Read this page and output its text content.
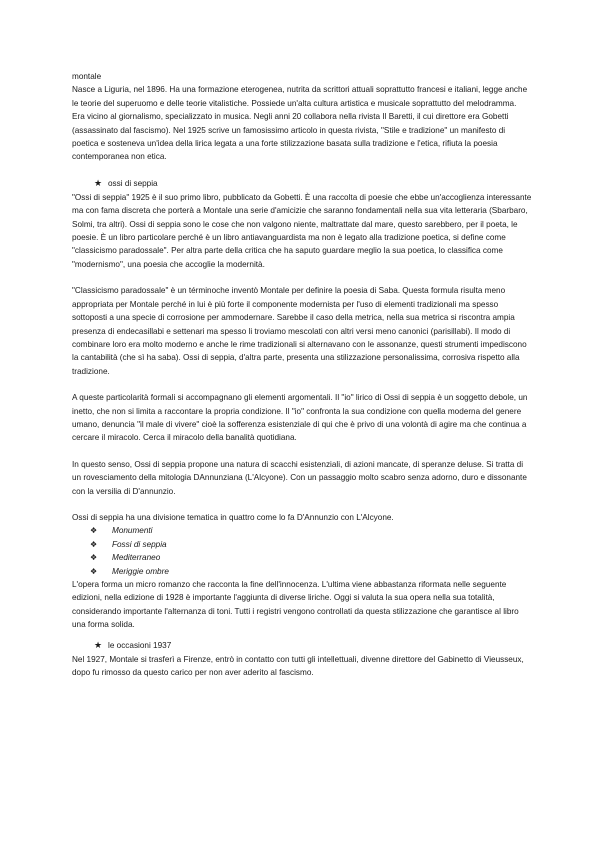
montale

Nasce a Liguria, nel 1896. Ha una formazione eterogenea, nutrita da scrittori attuali soprattutto francesi e italiani, legge anche le teorie del superuomo e delle teorie vitalistiche. Possiede un'alta cultura artistica e musicale soprattutto del melodramma.

Era vicino al giornalismo, specializzato in musica. Negli anni 20 collabora nella rivista Il Baretti, il cui direttore era Gobetti (assassinato dal fascismo). Nel 1925 scrive un famosissimo articolo in questa rivista, "Stile e tradizione" un manifesto di poetica e sosteneva un'idea della lirica legata a una forte stilizzazione basata sulla tradizione e l'etica, rifiuta la poesia contemporanea non etica.

★ ossi di seppia

"Ossi di seppia" 1925 è il suo primo libro, pubblicato da Gobetti. È una raccolta di poesie che ebbe un'accoglienza interessante ma con fama discreta che porterà a Montale una serie d'amicizie che saranno fondamentali nella sua vita letteraria (Sbarbaro, Solmi, tra altri). Ossi di seppia sono le cose che non valgono niente, maltrattate dal mare, questo sarebbero, per il poeta, le poesie. È un libro particolare perché è un libro antiavanguardista ma non è legato alla tradizione poetica, si define come "classicismo paradossale". Per altra parte della critica che ha saputo guardare meglio la sua poetica, lo classifica come "modernismo", una poesia che accoglie la modernità.

"Classicismo paradossale" è un términoche inventò Montale per definire la poesia di Saba. Questa formula risulta meno appropriata per Montale perché in lui è più forte il componente modernista per l'uso di elementi tradizionali ma spesso sottoposti a una specie di corrosione per ammodernare. Sarebbe il caso della metrica, nella sua metrica si riscontra ampia presenza di endecasillabi e settenari ma spesso li troviamo mescolati con altri versi meno canonici (parisillabi). Il modo di combinare loro era molto moderno e anche le rime tradizionali si alternavano con le assonanze, questi strumenti impediscono la cantabilità (che sì ha saba). Ossi di seppia, d'altra parte, presenta una stilizzazione personalissima, corrosiva rispetto alla tradizione.

A queste particolarità formali si accompagnano gli elementi argomentali. Il "io" lirico di Ossi di seppia è un soggetto debole, un inetto, che non si limita a raccontare la propria condizione. Il "io" confronta la sua condizione con quella moderna del genere umano, denuncia "il male di vivere" cioè la sofferenza esistenziale di qui che è privo di una volontà di agire ma che continua a cercare il miracolo. Cerca il miracolo della banalità quotidiana.

In questo senso, Ossi di seppia propone una natura di scacchi esistenziali, di azioni mancate, di speranze deluse. Si tratta di un rovesciamento della mitologia DAnnunziana (L'Alcyone). Con un passaggio molto scabro senza adorno, duro e dissonante con la versilia di D'annunzio.

Ossi di seppia ha una divisione tematica in quattro come lo fa D'Annunzio con L'Alcyone.

❖	Monumenti
❖	Fossi di seppia
❖	Mediterraneo
❖	Meriggie ombre

L'opera forma un micro romanzo che racconta la fine dell'innocenza. L'ultima viene abbastanza riformata nelle seguente edizioni, nella edizione di 1928 è importante l'aggiunta di diverse liriche. Oggi si valuta la sua opera nella sua totalità, considerando importante l'alternanza di toni. Tutti i registri vengono controllati da questa stilizzazione che garantisce al libro una forma solida.

★ le occasioni 1937

Nel 1927, Montale si trasferì a Firenze, entrò in contatto con tutti gli intellettuali, divenne direttore del Gabinetto di Vieusseux, dopo fu rimosso da questo carico per non aver aderito al fascismo.
